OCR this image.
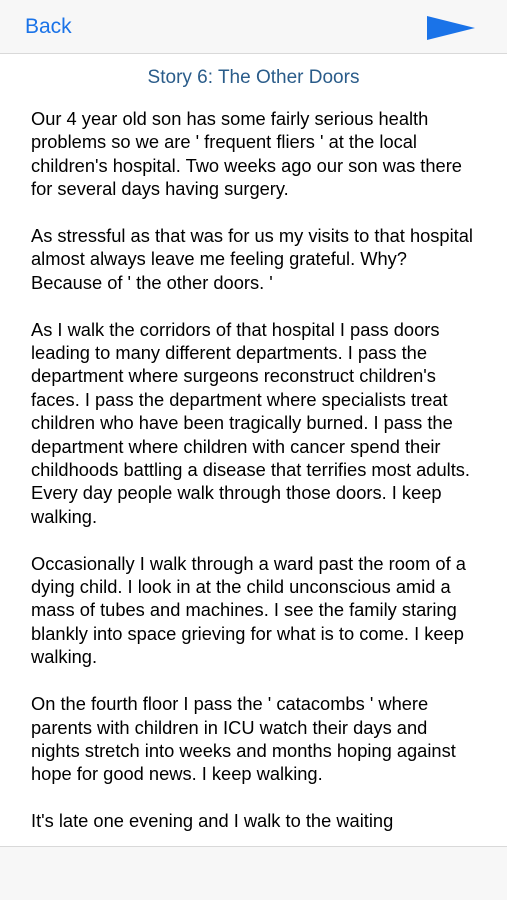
Back
Story 6: The Other Doors

Our 4 year old son has some fairly serious health problems so we are ' frequent fliers ' at the local children's hospital. Two weeks ago our son was there for several days having surgery.

As stressful as that was for us my visits to that hospital almost always leave me feeling grateful. Why? Because of ' the other doors. '

As I walk the corridors of that hospital I pass doors leading to many different departments. I pass the department where surgeons reconstruct children's faces. I pass the department where specialists treat children who have been tragically burned. I pass the department where children with cancer spend their childhoods battling a disease that terrifies most adults. Every day people walk through those doors. I keep walking.

Occasionally I walk through a ward past the room of a dying child. I look in at the child unconscious amid a mass of tubes and machines. I see the family staring blankly into space grieving for what is to come. I keep walking.

On the fourth floor I pass the ' catacombs ' where parents with children in ICU watch their days and nights stretch into weeks and months hoping against hope for good news. I keep walking.

It's late one evening and I walk to the waiting
